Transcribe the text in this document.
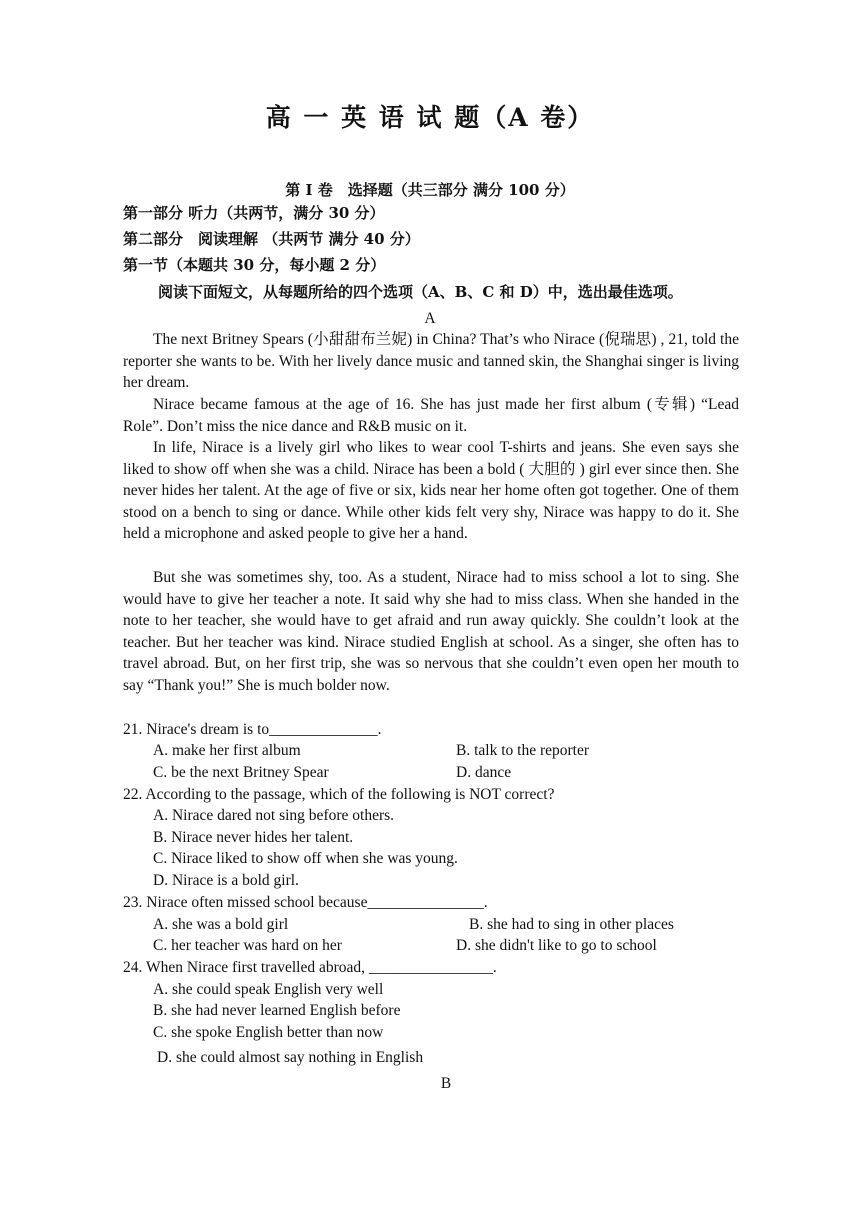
高 一 英 语 试 题（A 卷）
第 I 卷　选择题（共三部分 满分 100 分）
第一部分 听力（共两节，满分 30 分）
第二部分　阅读理解 （共两节 满分 40 分）
第一节（本题共 30 分，每小题 2 分）
阅读下面短文，从每题所给的四个选项（A、B、C 和 D）中，选出最佳选项。
A
The next Britney Spears (小甜甜布兰妮) in China? That’s who Nirace (倪瑞思) , 21, told the reporter she wants to be. With her lively dance music and tanned skin, the Shanghai singer is living her dream.
Nirace became famous at the age of 16. She has just made her first album (专辑) “Lead Role”. Don’t miss the nice dance and R&B music on it.
In life, Nirace is a lively girl who likes to wear cool T-shirts and jeans. She even says she liked to show off when she was a child. Nirace has been a bold ( 大胆的 ) girl ever since then. She never hides her talent. At the age of five or six, kids near her home often got together. One of them stood on a bench to sing or dance. While other kids felt very shy, Nirace was happy to do it. She held a microphone and asked people to give her a hand.
But she was sometimes shy, too. As a student, Nirace had to miss school a lot to sing. She would have to give her teacher a note. It said why she had to miss class. When she handed in the note to her teacher, she would have to get afraid and run away quickly. She couldn’t look at the teacher. But her teacher was kind. Nirace studied English at school. As a singer, she often has to travel abroad. But, on her first trip, she was so nervous that she couldn’t even open her mouth to say “Thank you!” She is much bolder now.
21. Nirace's dream is to______________.
A. make her first album	B. talk to the reporter
C. be the next Britney Spear	D. dance
22. According to the passage, which of the following is NOT correct?
A. Nirace dared not sing before others.
B. Nirace never hides her talent.
C. Nirace liked to show off when she was young.
D. Nirace is a bold girl.
23. Nirace often missed school because_______________.
A. she was a bold girl	B. she had to sing in other places
C. her teacher was hard on her	D. she didn't like to go to school
24. When Nirace first travelled abroad, ________________.
A. she could speak English very well
B. she had never learned English before
C. she spoke English better than now
D. she could almost say nothing in English
B
